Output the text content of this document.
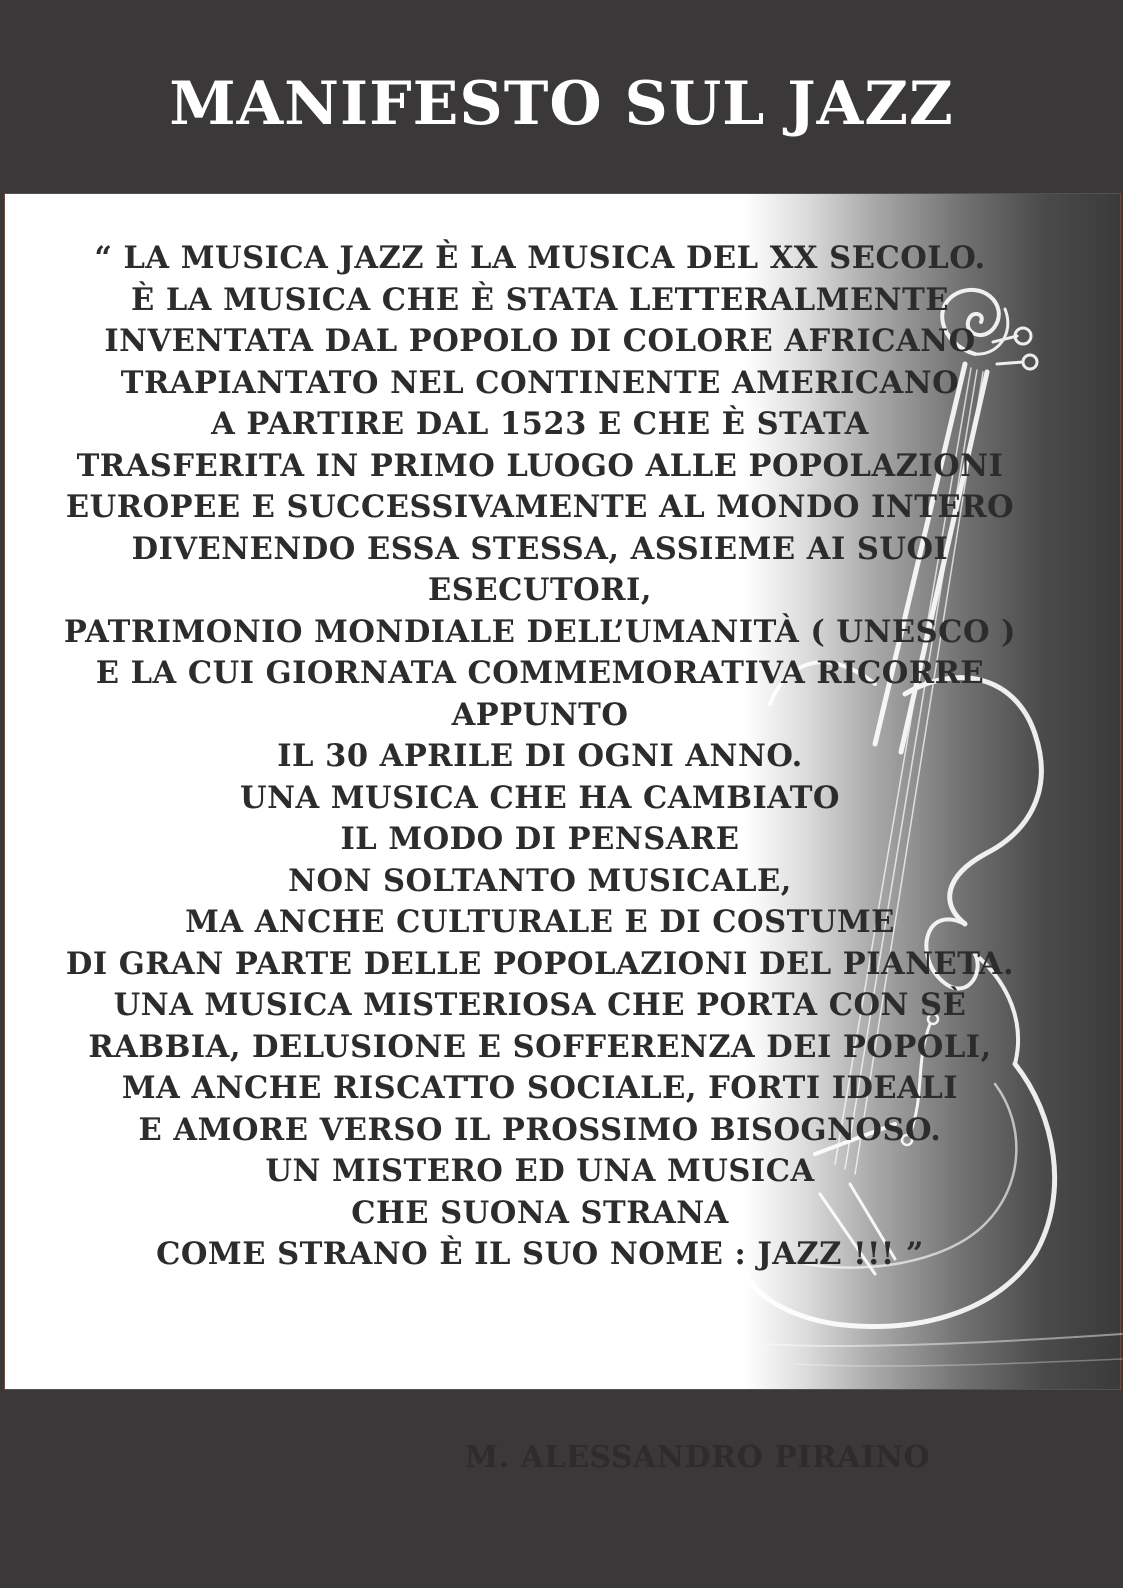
MANIFESTO SUL JAZZ
“ LA MUSICA JAZZ È LA MUSICA DEL XX SECOLO.
È LA MUSICA CHE È STATA LETTERALMENTE
INVENTATA DAL POPOLO DI COLORE AFRICANO
TRAPIANTATO NEL CONTINENTE AMERICANO
A PARTIRE DAL 1523 E CHE È STATA
TRASFERITA IN PRIMO LUOGO ALLE POPOLAZIONI
EUROPEE E SUCCESSIVAMENTE AL MONDO INTERO
DIVENENDO ESSA STESSA, ASSIEME AI SUOI
ESECUTORI,
PATRIMONIO MONDIALE DELL’UMANITÀ ( UNESCO )
E LA CUI GIORNATA COMMEMORATIVA RICORRE
APPUNTO
IL 30 APRILE DI OGNI ANNO.
UNA MUSICA CHE HA CAMBIATO
IL MODO DI PENSARE
NON SOLTANTO MUSICALE,
MA ANCHE CULTURALE E DI COSTUME
DI GRAN PARTE DELLE POPOLAZIONI DEL PIANETA.
UNA MUSICA MISTERIOSA CHE PORTA CON SÈ
RABBIA, DELUSIONE E SOFFERENZA DEI POPOLI,
MA ANCHE RISCATTO SOCIALE, FORTI IDEALI
E AMORE VERSO IL PROSSIMO BISOGNOSO.
UN MISTERO ED UNA MUSICA
CHE SUONA STRANA
COME STRANO È IL SUO NOME : JAZZ !!! ”
M. ALESSANDRO PIRAINO
